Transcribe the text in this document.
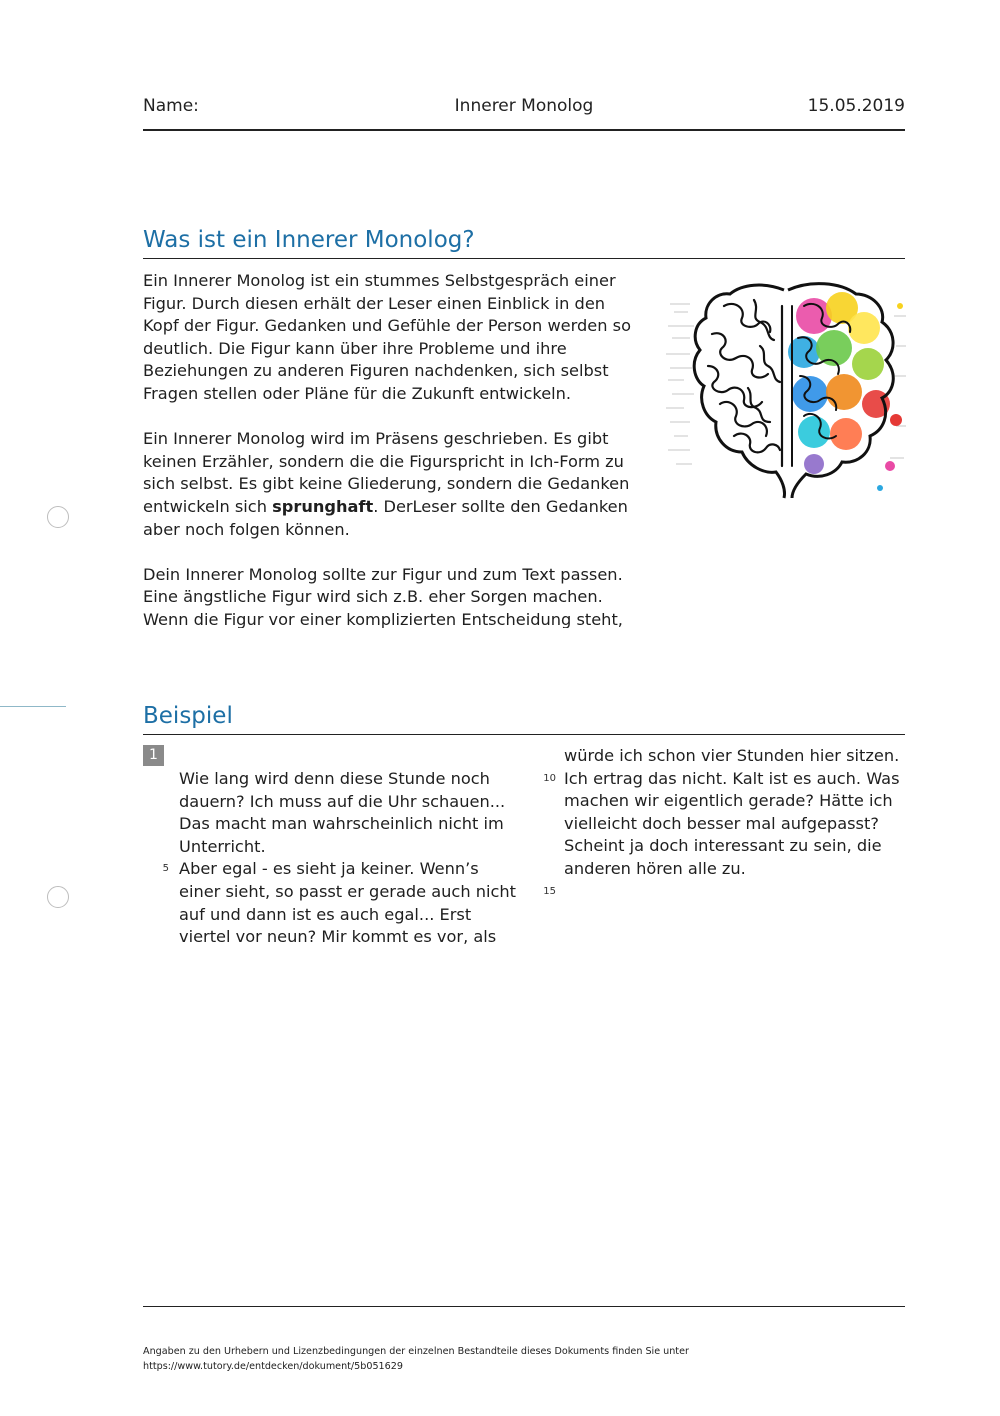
Name:	Innerer Monolog	15.05.2019
Was ist ein Innerer Monolog?

Ein Innerer Monolog ist ein stummes Selbstgespräch einer
Figur. Durch diesen erhält der Leser einen Einblick in den
Kopf der Figur. Gedanken und Gefühle der Person werden so
deutlich. Die Figur kann über ihre Probleme und ihre
Beziehungen zu anderen Figuren nachdenken, sich selbst
Fragen stellen oder Pläne für die Zukunft entwickeln.

Ein Innerer Monolog wird im Präsens geschrieben. Es gibt
keinen Erzähler, sondern die die Figurspricht in Ich-Form zu
sich selbst. Es gibt keine Gliederung, sondern die Gedanken
entwickeln sich sprunghaft. DerLeser sollte den Gedanken
aber noch folgen können.

Dein Innerer Monolog sollte zur Figur und zum Text passen.
Eine ängstliche Figur wird sich z.B. eher Sorgen machen.
Wenn die Figur vor einer komplizierten Entscheidung steht,

Beispiel
1
Wie lang wird denn diese Stunde noch
dauern? Ich muss auf die Uhr schauen...
Das macht man wahrscheinlich nicht im
Unterricht.
Aber egal - es sieht ja keiner. Wenn’s
einer sieht, so passt er gerade auch nicht
auf und dann ist es auch egal... Erst
viertel vor neun? Mir kommt es vor, als
5
10
15
würde ich schon vier Stunden hier sitzen.
Ich ertrag das nicht. Kalt ist es auch. Was
machen wir eigentlich gerade? Hätte ich
vielleicht doch besser mal aufgepasst?
Scheint ja doch interessant zu sein, die
anderen hören alle zu.
Angaben zu den Urhebern und Lizenzbedingungen der einzelnen Bestandteile dieses Dokuments finden Sie unter
https://www.tutory.de/entdecken/dokument/5b051629
